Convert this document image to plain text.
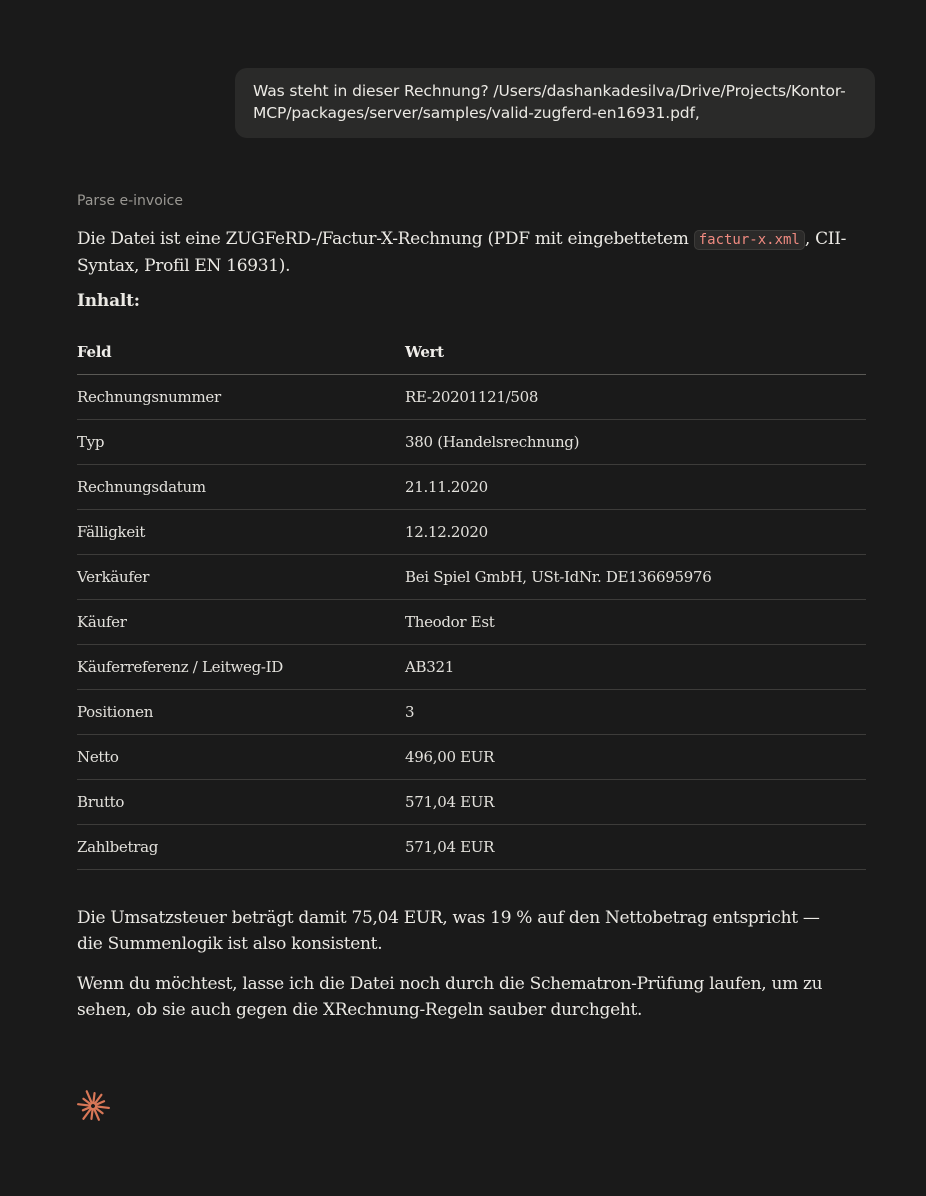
Was steht in dieser Rechnung? /Users/dashankadesilva/Drive/Projects/Kontor-MCP/packages/server/samples/valid-zugferd-en16931.pdf,
Parse e-invoice
Die Datei ist eine ZUGFeRD-/Factur-X-Rechnung (PDF mit eingebettetem factur-x.xml , CII-Syntax, Profil EN 16931).
Inhalt:
Feld	Wert
Rechnungsnummer	RE-20201121/508
Typ	380 (Handelsrechnung)
Rechnungsdatum	21.11.2020
Fälligkeit	12.12.2020
Verkäufer	Bei Spiel GmbH, USt-IdNr. DE136695976
Käufer	Theodor Est
Käuferreferenz / Leitweg-ID	AB321
Positionen	3
Netto	496,00 EUR
Brutto	571,04 EUR
Zahlbetrag	571,04 EUR
Die Umsatzsteuer beträgt damit 75,04 EUR, was 19 % auf den Nettobetrag entspricht — die Summenlogik ist also konsistent.
Wenn du möchtest, lasse ich die Datei noch durch die Schematron-Prüfung laufen, um zu sehen, ob sie auch gegen die XRechnung-Regeln sauber durchgeht.
